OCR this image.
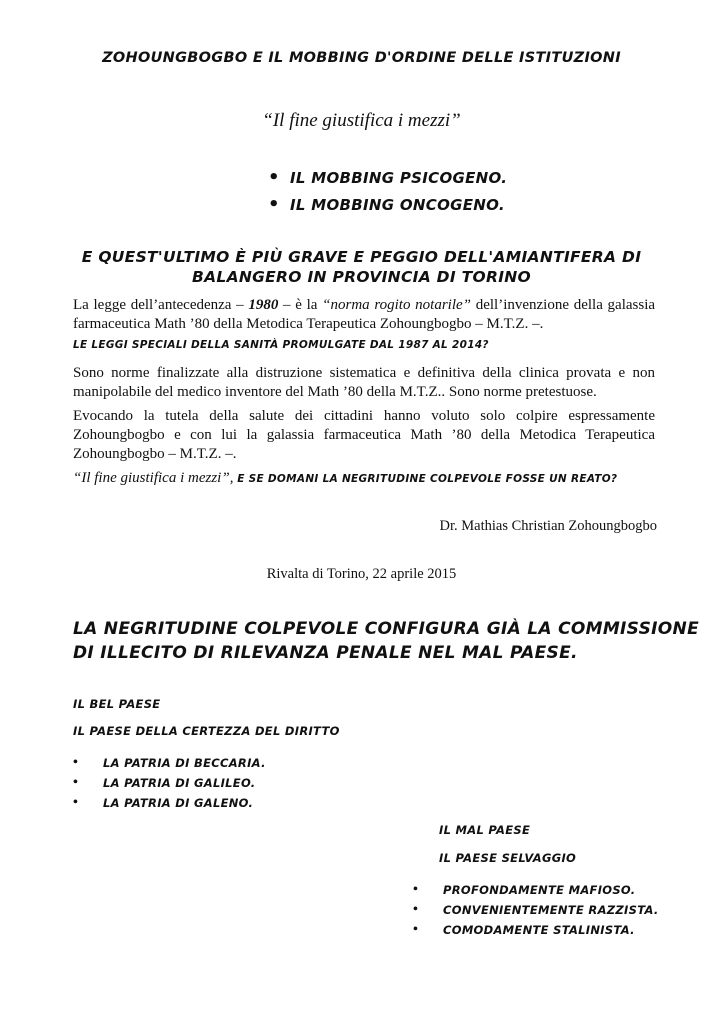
ZOHOUNGBOGBO E IL MOBBING D'ORDINE DELLE ISTITUZIONI
“Il fine giustifica i mezzi”
• IL MOBBING PSICOGENO.
• IL MOBBING ONCOGENO.
E QUEST'ULTIMO È PIÙ GRAVE E PEGGIO DELL'AMIANTIFERA DI
BALANGERO IN PROVINCIA DI TORINO

La legge dell’antecedenza – 1980 – è la “norma rogito notarile” dell’invenzione della galassia farmaceutica Math ’80 della Metodica Terapeutica Zohoungbogbo – M.T.Z. –.

LE LEGGI SPECIALI DELLA SANITÀ PROMULGATE DAL 1987 AL 2014?

Sono norme finalizzate alla distruzione sistematica e definitiva della clinica provata e non manipolabile del medico inventore del Math ’80 della M.T.Z.. Sono norme pretestuose.

Evocando la tutela della salute dei cittadini hanno voluto solo colpire espressamente Zohoungbogbo e con lui la galassia farmaceutica Math ’80 della Metodica Terapeutica Zohoungbogbo – M.T.Z. –.

“Il fine giustifica i mezzi”, E SE DOMANI LA NEGRITUDINE COLPEVOLE FOSSE UN REATO?

Dr. Mathias Christian Zohoungbogbo
Rivalta di Torino, 22 aprile 2015
LA NEGRITUDINE COLPEVOLE CONFIGURA GIÀ LA COMMISSIONE
DI ILLECITO DI RILEVANZA PENALE NEL MAL PAESE.
IL BEL PAESE
IL PAESE DELLA CERTEZZA DEL DIRITTO
• LA PATRIA DI BECCARIA.
• LA PATRIA DI GALILEO.
• LA PATRIA DI GALENO.
IL MAL PAESE
IL PAESE SELVAGGIO
• PROFONDAMENTE MAFIOSO.
• CONVENIENTEMENTE RAZZISTA.
• COMODAMENTE STALINISTA.
